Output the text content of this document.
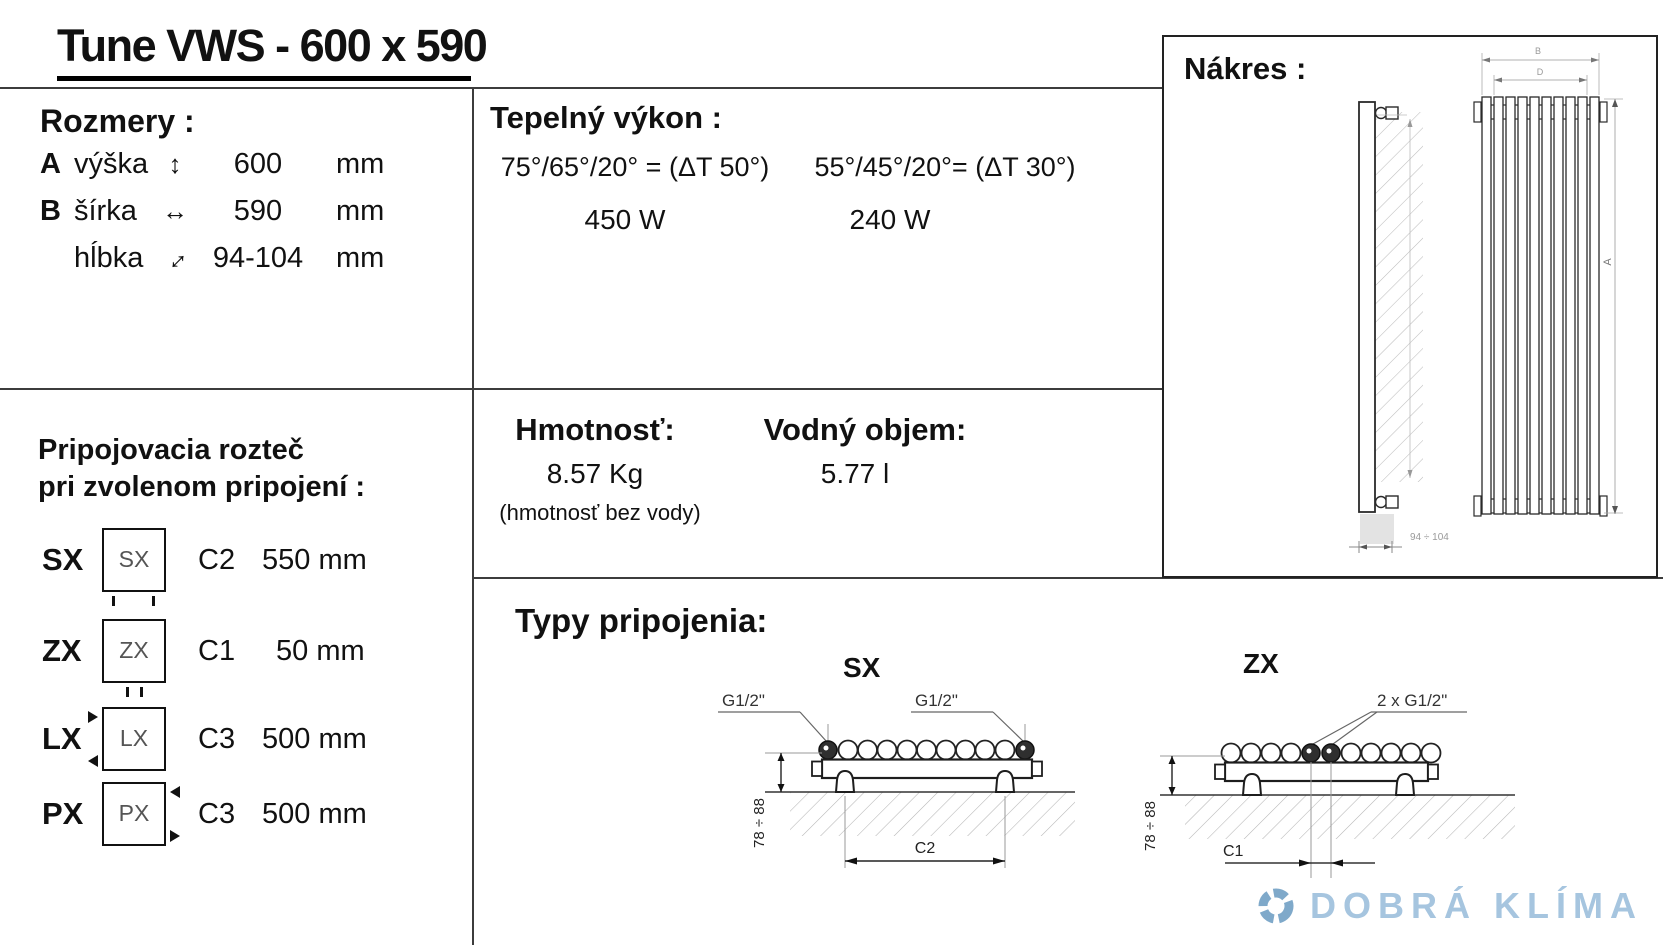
Tune VWS - 600 x 590
Rozmery :
A výška ↕	600	mm
B šírka ↔	590	mm
hĺbka ↔ 94-104	mm
Tepelný výkon :
75°/65°/20° = (ΔT 50°)	55°/45°/20°= (ΔT 30°)
450 W	240 W
Hmotnosť:
8.57 Kg
(hmotnosť bez vody)
Vodný objem:
5.77 l
Pripojovacia rozteč
pri zvolenom pripojení :
SX	SX	C2 550 mm
ZX	ZX	C1 50 mm
LX	LX	C3 500 mm
PX	PX	C3 500 mm
Nákres :
94 ÷ 104
B
D
A
Typy pripojenia:
SX	ZX
G1/2"	G1/2"
78 ÷ 88
C2
2 x G1/2"
78 ÷ 88
C1
DOBRÁ KLÍMA
